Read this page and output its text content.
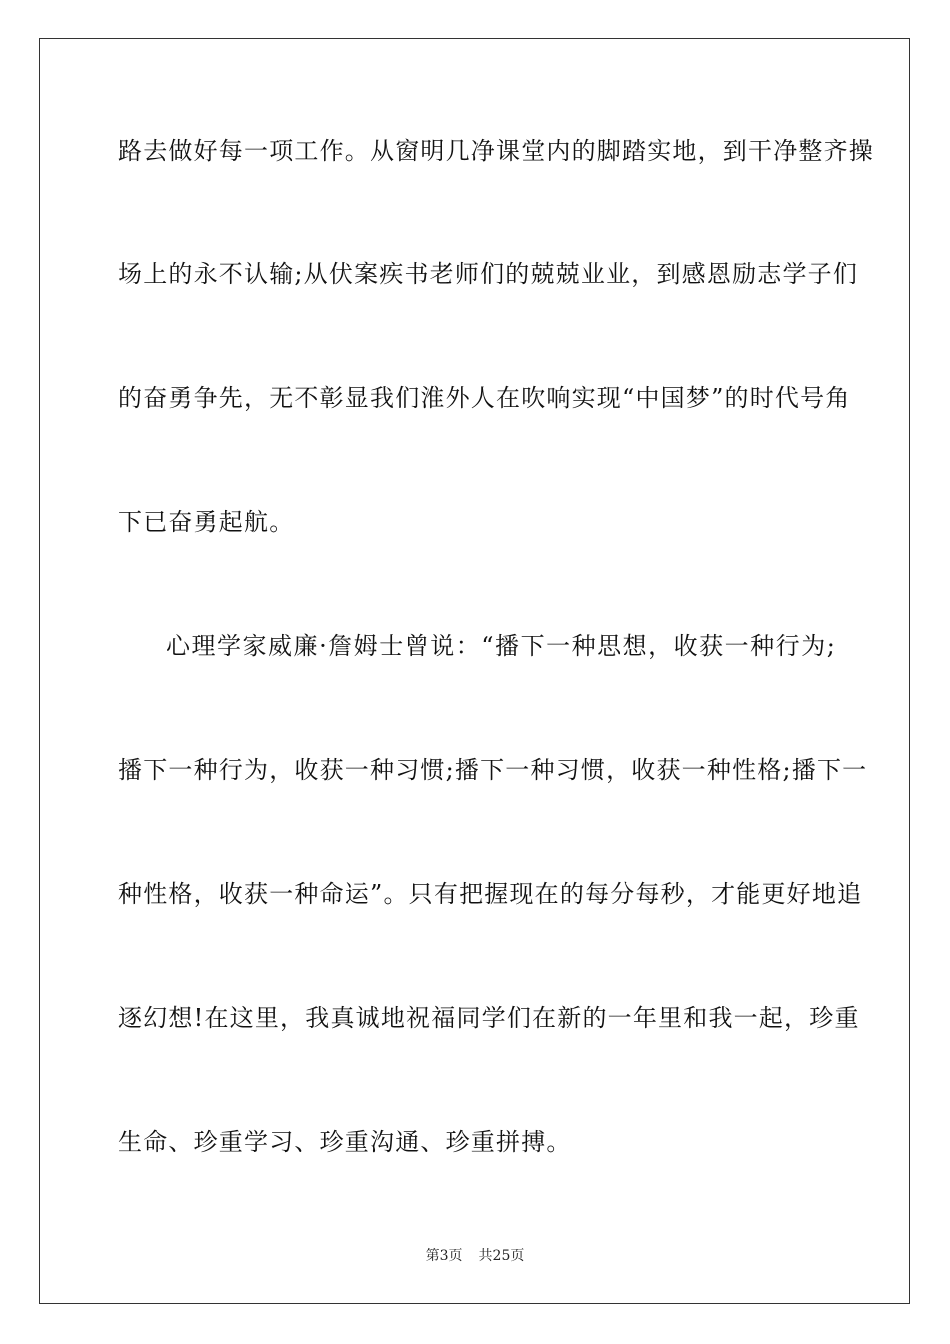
路去做好每一项工作。从窗明几净课堂内的脚踏实地，到干净整齐操
场上的永不认输;从伏案疾书老师们的兢兢业业，到感恩励志学子们
的奋勇争先，无不彰显我们淮外人在吹响实现“中国梦”的时代号角
下已奋勇起航。
心理学家威廉·詹姆士曾说：“播下一种思想，收获一种行为;
播下一种行为，收获一种习惯;播下一种习惯，收获一种性格;播下一
种性格，收获一种命运”。只有把握现在的每分每秒，才能更好地追
逐幻想!在这里，我真诚地祝福同学们在新的一年里和我一起，珍重
生命、珍重学习、珍重沟通、珍重拼搏。
第3页 共25页
